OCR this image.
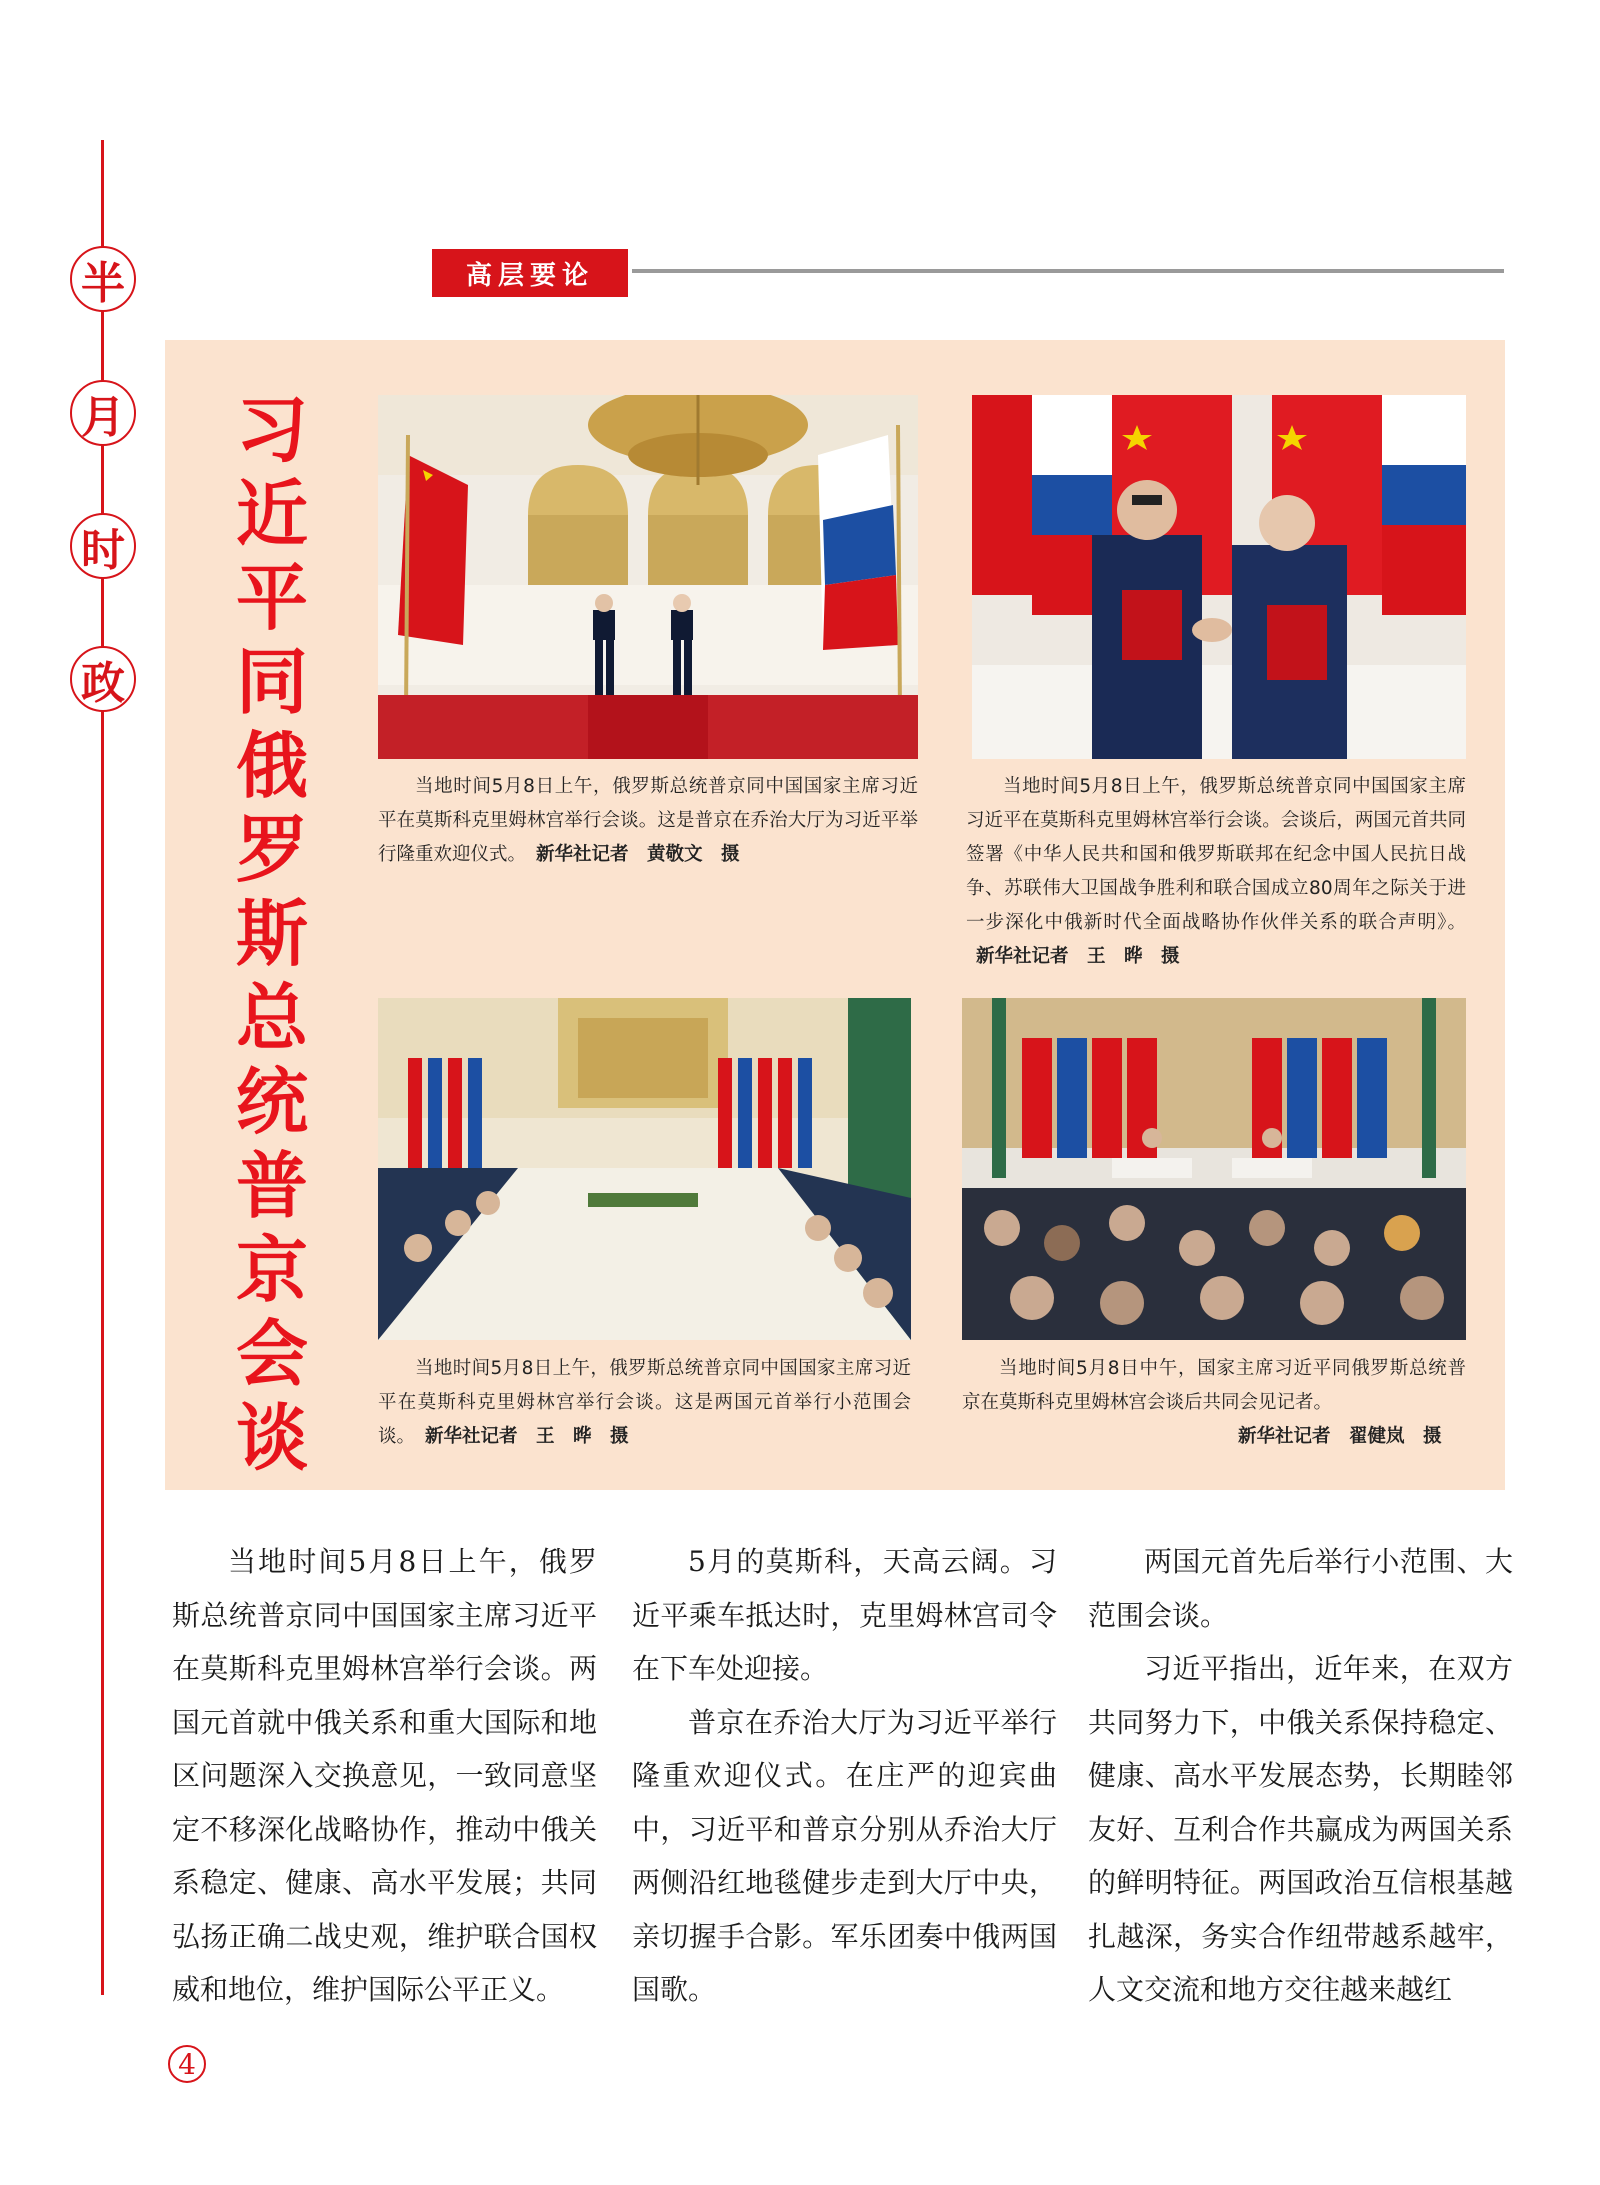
半
月
时
政
高层要论
习近平同俄罗斯总统普京会谈
当地时间5月8日上午，俄罗斯总统普京同中国国家主席习近平在莫斯科克里姆林宫举行会谈。这是普京在乔治大厅为习近平举行隆重欢迎仪式。 新华社记者　黄敬文　摄
当地时间5月8日上午，俄罗斯总统普京同中国国家主席习近平在莫斯科克里姆林宫举行会谈。会谈后，两国元首共同签署《中华人民共和国和俄罗斯联邦在纪念中国人民抗日战争、苏联伟大卫国战争胜利和联合国成立80周年之际关于进一步深化中俄新时代全面战略协作伙伴关系的联合声明》。新华社记者　王　晔　摄
当地时间5月8日上午，俄罗斯总统普京同中国国家主席习近平在莫斯科克里姆林宫举行会谈。这是两国元首举行小范围会谈。 新华社记者　王　晔　摄
当地时间5月8日中午，国家主席习近平同俄罗斯总统普京在莫斯科克里姆林宫会谈后共同会见记者。
新华社记者　翟健岚　摄

当地时间5月8日上午，俄罗斯总统普京同中国国家主席习近平在莫斯科克里姆林宫举行会谈。两国元首就中俄关系和重大国际和地区问题深入交换意见，一致同意坚定不移深化战略协作，推动中俄关系稳定、健康、高水平发展；共同弘扬正确二战史观，维护联合国权威和地位，维护国际公平正义。

5月的莫斯科，天高云阔。习近平乘车抵达时，克里姆林宫司令在下车处迎接。

普京在乔治大厅为习近平举行隆重欢迎仪式。在庄严的迎宾曲中，习近平和普京分别从乔治大厅两侧沿红地毯健步走到大厅中央，亲切握手合影。军乐团奏中俄两国国歌。

两国元首先后举行小范围、大范围会谈。

习近平指出，近年来，在双方共同努力下，中俄关系保持稳定、健康、高水平发展态势，长期睦邻友好、互利合作共赢成为两国关系的鲜明特征。两国政治互信根基越扎越深，务实合作纽带越系越牢，人文交流和地方交往越来越红

4
